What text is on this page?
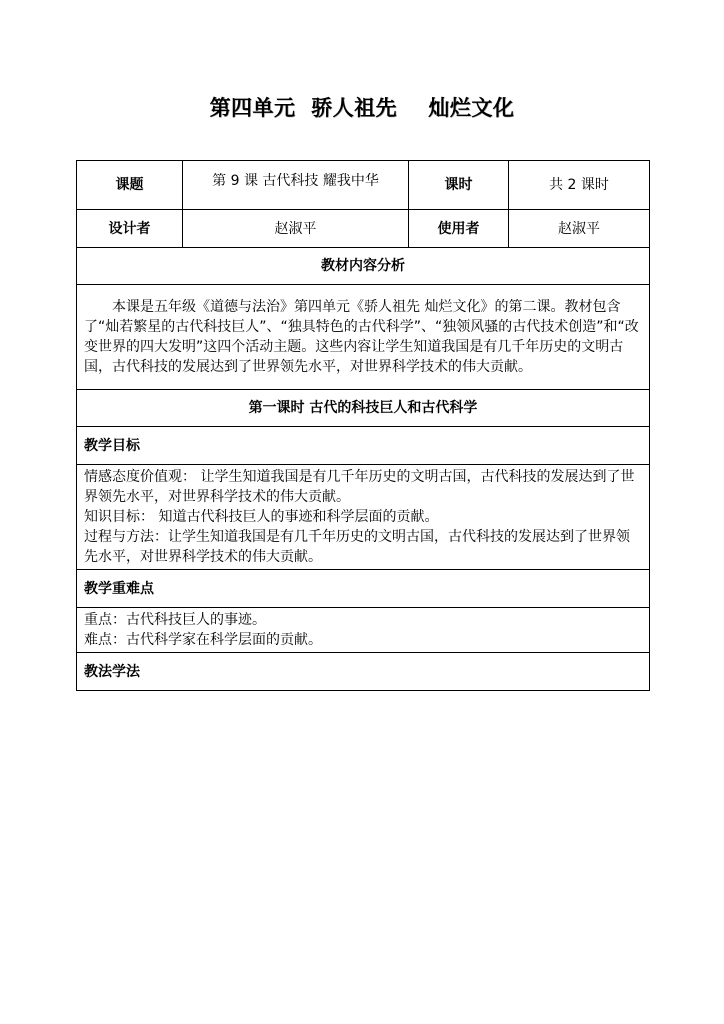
第四单元  骄人祖先    灿烂文化
课题	第 9 课 古代科技 耀我中华	课时	共 2 课时
设计者	赵淑平	使用者	赵淑平
教材内容分析			
本课是五年级《道德与法治》第四单元《骄人祖先 灿烂文化》的第二课。教材包含了“灿若繁星的古代科技巨人”、“独具特色的古代科学”、“独领风骚的古代技术创造”和“改变世界的四大发明”这四个活动主题。这些内容让学生知道我国是有几千年历史的文明古国，古代科技的发展达到了世界领先水平，对世界科学技术的伟大贡献。			
第一课时 古代的科技巨人和古代科学			
教学目标			

情感态度价值观： 让学生知道我国是有几千年历史的文明古国，古代科技的发展达到了世界领先水平，对世界科学技术的伟大贡献。

知识目标： 知道古代科技巨人的事迹和科学层面的贡献。

过程与方法：让学生知道我国是有几千年历史的文明古国，古代科技的发展达到了世界领先水平，对世界科学技术的伟大贡献。			

教学重难点			

重点：古代科技巨人的事迹。

难点：古代科学家在科学层面的贡献。			

教法学法			
